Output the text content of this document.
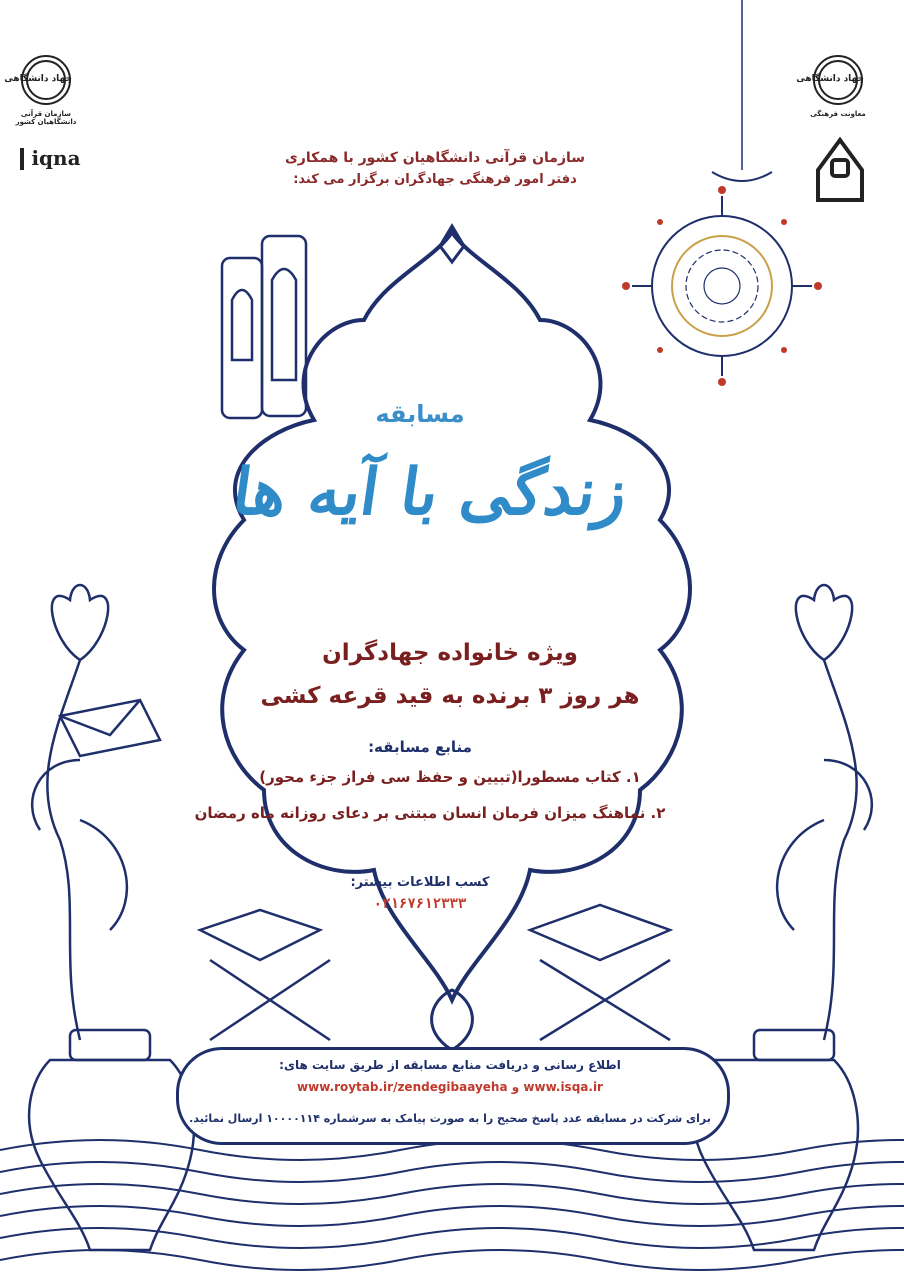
جهاد دانشگاهی
سازمان قرآنی دانشگاهیان کشور
iqna
جهاد دانشگاهی
معاونت فرهنگی
سازمان قرآنی دانشگاهیان کشور با همکاری
دفتر امور فرهنگی جهادگران برگزار می کند:
مسابقه
زندگی با آیه ها
ویژه خانواده جهادگران
هر روز ۳ برنده به قید قرعه کشی
منابع مسابقه:
۱. کتاب مسطورا(تبیین و حفظ سی فراز جزء محور)
۲. نماهنگ میزان فرمان انسان مبتنی بر دعای روزانه ماه رمضان
کسب اطلاعات بیشتر:
۰۲۱۶۷۶۱۲۳۳۳
اطلاع رسانی و دریافت منابع مسابقه از طریق سایت های:
www.roytab.ir/zendegibaayeha و www.isqa.ir
برای شرکت در مسابقه عدد پاسخ صحیح را به صورت پیامک به سرشماره ۱۰۰۰۰۱۱۴ ارسال نمائید.
